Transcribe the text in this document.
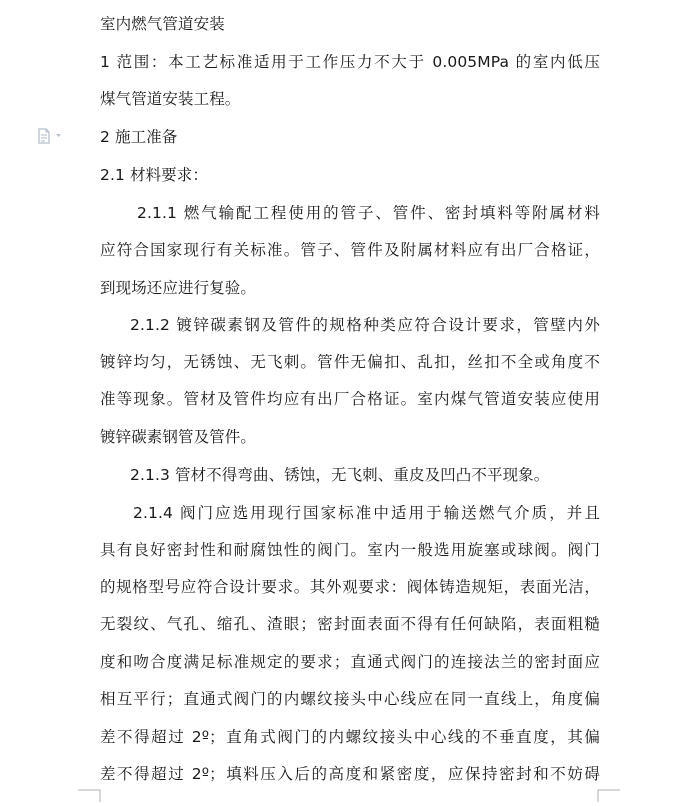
室内燃气管道安装
1 范围：本工艺标准适用于工作压力不大于 0.005MPa 的室内低压
煤气管道安装工程。
2 施工准备
2.1 材料要求：
2.1.1 燃气输配工程使用的管子、管件、密封填料等附属材料
应符合国家现行有关标准。管子、管件及附属材料应有出厂合格证，
到现场还应进行复验。
2.1.2 镀锌碳素钢及管件的规格种类应符合设计要求，管壁内外
镀锌均匀，无锈蚀、无飞刺。管件无偏扣、乱扣，丝扣不全或角度不
准等现象。管材及管件均应有出厂合格证。室内煤气管道安装应使用
镀锌碳素钢管及管件。
2.1.3 管材不得弯曲、锈蚀，无飞刺、重皮及凹凸不平现象。
2.1.4 阀门应选用现行国家标准中适用于输送燃气介质，并且
具有良好密封性和耐腐蚀性的阀门。室内一般选用旋塞或球阀。阀门
的规格型号应符合设计要求。其外观要求：阀体铸造规矩，表面光洁，
无裂纹、气孔、缩孔、渣眼；密封面表面不得有任何缺陷，表面粗糙
度和吻合度满足标准规定的要求；直通式阀门的连接法兰的密封面应
相互平行；直通式阀门的内螺纹接头中心线应在同一直线上，角度偏
差不得超过 2º；直角式阀门的内螺纹接头中心线的不垂直度，其偏
差不得超过 2º；填料压入后的高度和紧密度，应保持密封和不妨碍
